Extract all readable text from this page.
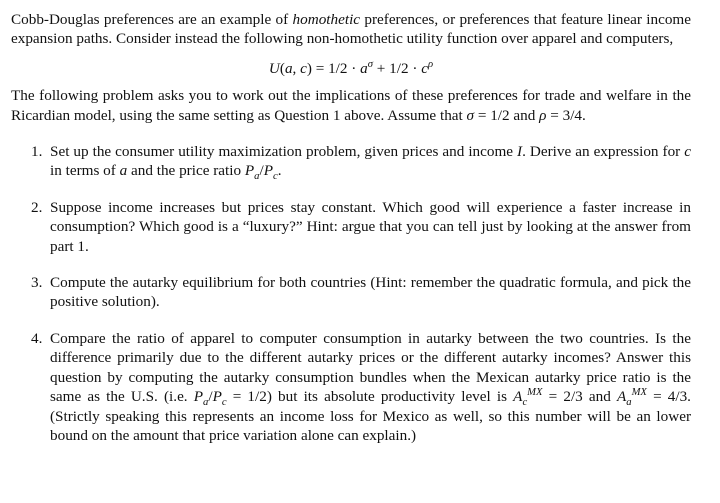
Cobb-Douglas preferences are an example of homothetic preferences, or preferences that feature linear income expansion paths. Consider instead the following non-homothetic utility function over apparel and computers,

U(a, $c) = 1/2 \cdot a^\sigma + 1/2 \cdot c^\rho$

The following problem asks you to work out the implications of these preferences for trade and welfare in the Ricardian model, using the same setting as Question 1 above. Assume that σ = 1/2 and ρ = 3/4.

1. Set up the consumer utility maximization problem, given prices and income I. Derive an expression for c in terms of a and the price ratio $P_a/P_c$.
2. Suppose income increases but prices stay constant. Which good will experience a faster increase in consumption? Which good is a “luxury?” Hint: argue that you can tell just by looking at the answer from part 1.
3. Compute the autarky equilibrium for both countries (Hint: remember the quadratic formula, and pick the positive solution).
4. Compare the ratio of apparel to computer consumption in autarky between the two countries. Is the difference primarily due to the different autarky prices or the different autarky incomes? Answer this question by computing the autarky consumption bundles when the Mexican autarky price ratio is the same as the U.S. (i.e. $P_a/P_c = 1/2$) but its absolute productivity level is $A_c^{MX} = 2/3$ and $A_a^{MX} = 4/3$. (Strictly speaking this represents an income loss for Mexico as well, so this number will be an lower bound on the amount that price variation alone can explain.)
